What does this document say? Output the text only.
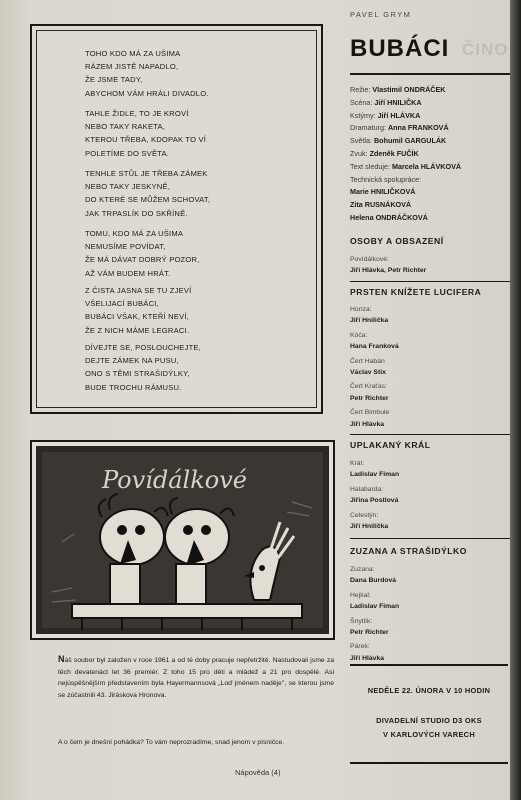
TOHO KDO MÁ ZA UŠIMA
RÁZEM JISTĚ NAPADLO,
ŽE JSME TADY,
ABYCHOM VÁM HRÁLI DIVADLO.
TAHLE ŽIDLE, TO JE KROVÍ
NEBO TAKY RAKETA,
KTEROU TŘEBA, KDOPAK TO VÍ
POLETÍME DO SVĚTA.
TENHLE STŮL JE TŘEBA ZÁMEK
NEBO TAKY JESKYNĚ,
DO KTERÉ SE MŮŽEM SCHOVAT,
JAK TRPASLÍK DO SKŘÍNĚ.
TOMU, KDO MÁ ZA UŠIMA
NEMUSÍME POVÍDAT,
ŽE MÁ DÁVAT DOBRÝ POZOR,
AŽ VÁM BUDEM HRÁT.
Z ČISTA JASNA SE TU ZJEVÍ
VŠELIJACÍ BUBÁCI,
BUBÁCI VŠAK, KTEŘÍ NEVÍ,
ŽE Z NICH MÁME LEGRACI.
DÍVEJTE SE, POSLOUCHEJTE,
DEJTE ZÁMEK NA PUSU,
ONO S TĚMI STRAŠIDÝLKY,
BUDE TROCHU RÁMUSU.
PAVEL GRYM
BUBÁCI ČINO
Režie: Vlastimil ONDRÁČEK
Scéna: Jiří HNILIČKA
Kstýmy: Jiří HLÁVKA
Dramaturg: Anna FRANKOVÁ
Světla: Bohumil GARGULÁK
Zvuk: Zdeněk FUČÍK
Text sleduje: Marcela HLÁVKOVÁ
Technická spolupráce:
Marie HNILIČKOVÁ
Zita RUSNÁKOVÁ
Helena ONDRÁČKOVÁ
OSOBY A OBSAZENÍ
Povídálkové:
Jiří Hlávka, Petr Richter
PRSTEN KNÍŽETE LUCIFERA
Honza:
Jiří Hnilička
Kóča:
Hana Franková
Čert Habán
Václav Stix
Čert Kraťas:
Petr Richter
Čert Bimbule
Jiří Hlávka
UPLAKANÝ KRÁL
Král:
Ladislav Fiman
Halabarda:
Jiřina Postlová
Celestýn:
Jiří Hnilička
ZUZANA A STRAŠIDÝLKO
Zuzana:
Dana Burdová
Hejkal:
Ladislav Fiman
Šnytlík:
Petr Richter
Párek:
Jiří Hlávka
Povídálkové
Náš soubor byl založen v roce 1961 a od té doby pracuje nepřetržitě. Nastudovali jsme za těch devatenáct let 36 premiér. Z toho 15 pro děti a mládež a 21 pro dospělé. Asi nejúspěšnějším představením byla Hayermannsová „Loď jménem naděje", se kterou jsme se zúčastnili 43. Jiráskova Hronova.
A o čem je dnešní pohádka? To vám neprozradíme, snad jenom v písničce.
Nápověda (4)
NEDĚLE 22. ÚNORA V 10 HODIN
DIVADELNÍ STUDIO D3 OKS
V KARLOVÝCH VARECH
